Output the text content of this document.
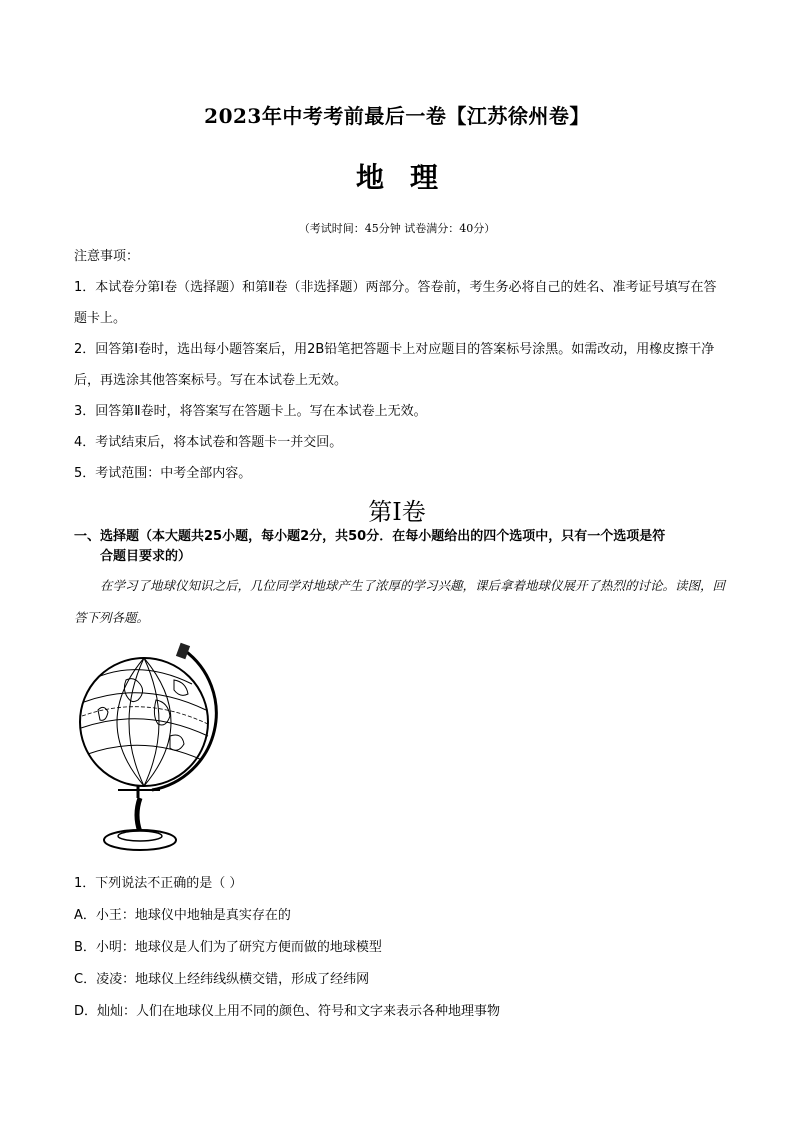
2023年中考考前最后一卷【江苏徐州卷】
地理
（考试时间：45分钟 试卷满分：40分）

注意事项：

1．本试卷分第Ⅰ卷（选择题）和第Ⅱ卷（非选择题）两部分。答卷前，考生务必将自己的姓名、准考证号填写在答题卡上。

2．回答第Ⅰ卷时，选出每小题答案后，用2B铅笔把答题卡上对应题目的答案标号涂黑。如需改动，用橡皮擦干净后，再选涂其他答案标号。写在本试卷上无效。

3．回答第Ⅱ卷时，将答案写在答题卡上。写在本试卷上无效。

4．考试结束后，将本试卷和答题卡一并交回。

5．考试范围：中考全部内容。

第Ⅰ卷
一、选择题（本大题共25小题，每小题2分，共50分．在每小题给出的四个选项中，只有一个选项是符
合题目要求的）
在学习了地球仪知识之后，几位同学对地球产生了浓厚的学习兴趣，课后拿着地球仪展开了热烈的讨论。读图，回答下列各题。

1．下列说法不正确的是（ ）

A．小王：地球仪中地轴是真实存在的

B．小明：地球仪是人们为了研究方便而做的地球模型

C．凌凌：地球仪上经纬线纵横交错，形成了经纬网

D．灿灿：人们在地球仪上用不同的颜色、符号和文字来表示各种地理事物
